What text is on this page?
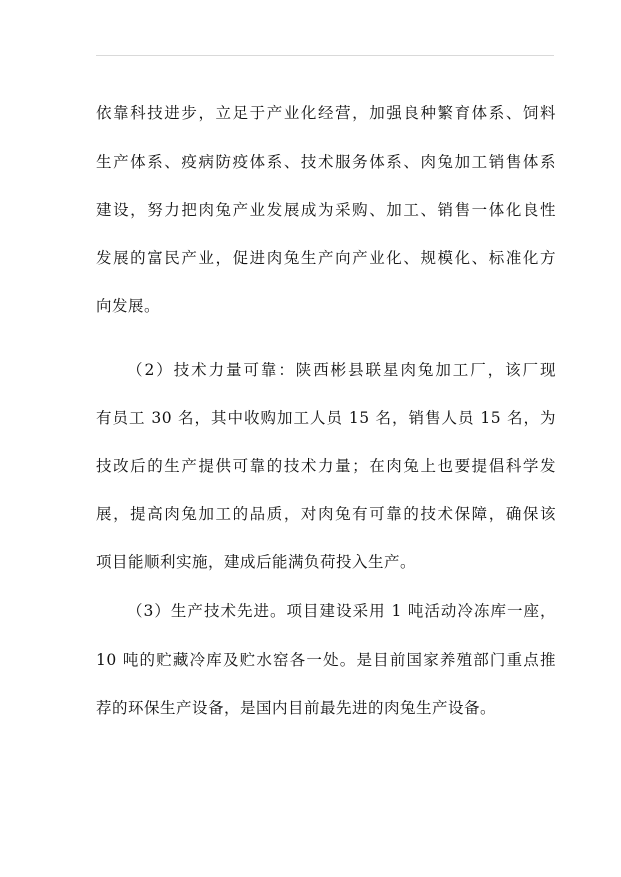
依靠科技进步，立足于产业化经营，加强良种繁育体系、饲料
生产体系、疫病防疫体系、技术服务体系、肉兔加工销售体系
建设，努力把肉兔产业发展成为采购、加工、销售一体化良性
发展的富民产业，促进肉兔生产向产业化、规模化、标准化方
向发展。
（2）技术力量可靠：陕西彬县联星肉兔加工厂，该厂现
有员工 30 名，其中收购加工人员 15 名，销售人员 15 名，为
技改后的生产提供可靠的技术力量；在肉兔上也要提倡科学发
展，提高肉兔加工的品质，对肉兔有可靠的技术保障，确保该
项目能顺利实施，建成后能满负荷投入生产。
（3）生产技术先进。项目建设采用 1 吨活动冷冻库一座，
10 吨的贮藏冷库及贮水窑各一处。是目前国家养殖部门重点推
荐的环保生产设备，是国内目前最先进的肉兔生产设备。
